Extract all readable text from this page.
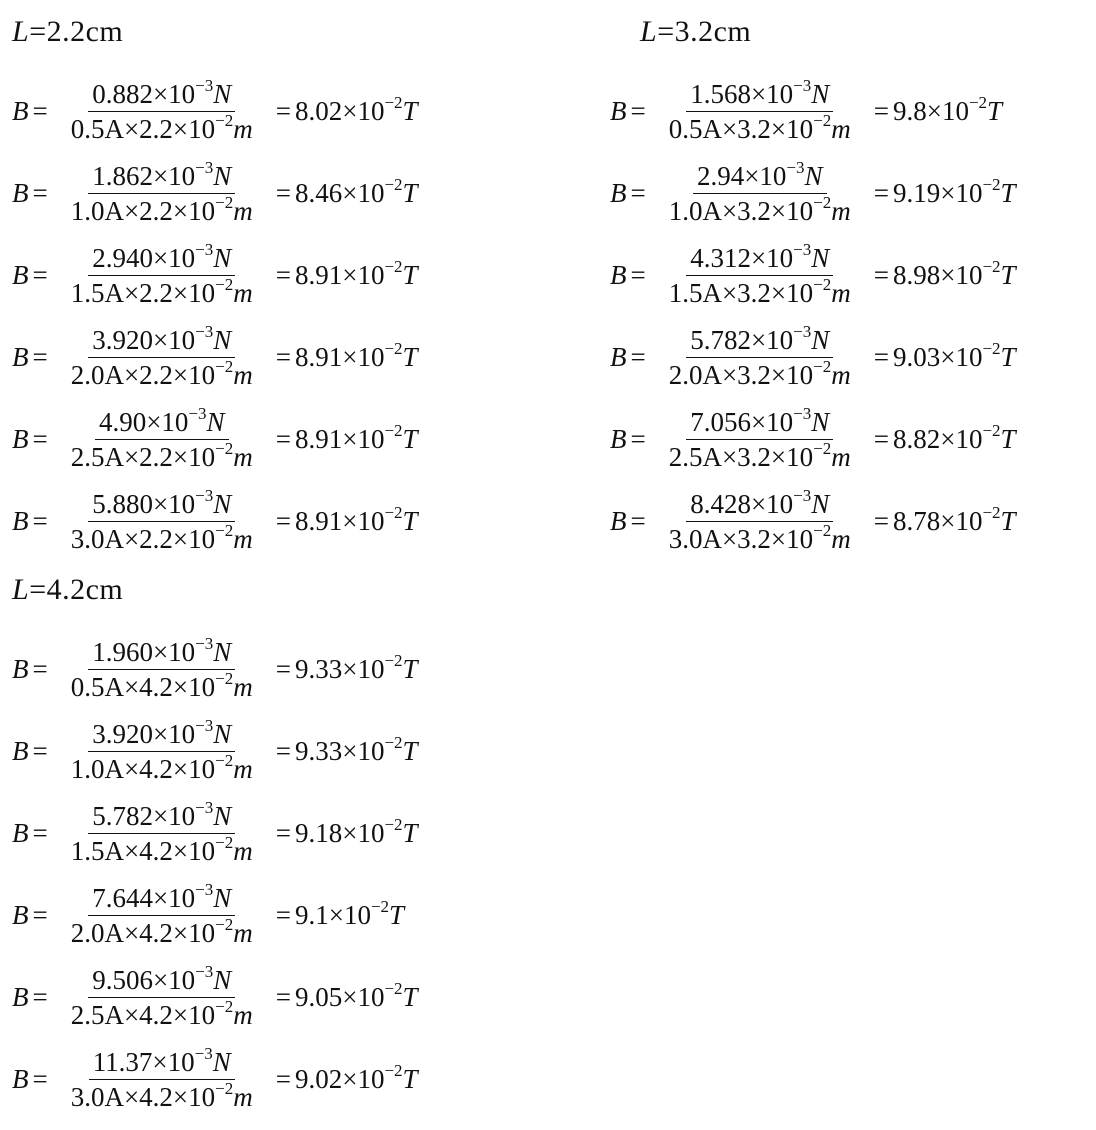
L=2.2cm
$B = \frac{0.882\times 10^{-3}N}{0.5A\times 2.2\times 10^{-2}m} = 8.02\times 10^{-2}T$
$B = \frac{1.862\times 10^{-3}N}{1.0A\times 2.2\times 10^{-2}m} = 8.46\times 10^{-2}T$
$B = \frac{2.940\times 10^{-3}N}{1.5A\times 2.2\times 10^{-2}m} = 8.91\times 10^{-2}T$
$B = \frac{3.920\times 10^{-3}N}{2.0A\times 2.2\times 10^{-2}m} = 8.91\times 10^{-2}T$
$B = \frac{4.90\times 10^{-3}N}{2.5A\times 2.2\times 10^{-2}m} = 8.91\times 10^{-2}T$
$B = \frac{5.880\times 10^{-3}N}{3.0A\times 2.2\times 10^{-2}m} = 8.91\times 10^{-2}T$
L=3.2cm
$B = \frac{1.568\times 10^{-3}N}{0.5A\times 3.2\times 10^{-2}m} = 9.8\times 10^{-2}T$
$B = \frac{2.94\times 10^{-3}N}{1.0A\times 3.2\times 10^{-2}m} = 9.19\times 10^{-2}T$
$B = \frac{4.312\times 10^{-3}N}{1.5A\times 3.2\times 10^{-2}m} = 8.98\times 10^{-2}T$
$B = \frac{5.782\times 10^{-3}N}{2.0A\times 3.2\times 10^{-2}m} = 9.03\times 10^{-2}T$
$B = \frac{7.056\times 10^{-3}N}{2.5A\times 3.2\times 10^{-2}m} = 8.82\times 10^{-2}T$
$B = \frac{8.428\times 10^{-3}N}{3.0A\times 3.2\times 10^{-2}m} = 8.78\times 10^{-2}T$
L=4.2cm
$B = \frac{1.960\times 10^{-3}N}{0.5A\times 4.2\times 10^{-2}m} = 9.33\times 10^{-2}T$
$B = \frac{3.920\times 10^{-3}N}{1.0A\times 4.2\times 10^{-2}m} = 9.33\times 10^{-2}T$
$B = \frac{5.782\times 10^{-3}N}{1.5A\times 4.2\times 10^{-2}m} = 9.18\times 10^{-2}T$
$B = \frac{7.644\times 10^{-3}N}{2.0A\times 4.2\times 10^{-2}m} = 9.1\times 10^{-2}T$
$B = \frac{9.506\times 10^{-3}N}{2.5A\times 4.2\times 10^{-2}m} = 9.05\times 10^{-2}T$
$B = \frac{11.37\times 10^{-3}N}{3.0A\times 4.2\times 10^{-2}m} = 9.02\times 10^{-2}T$
